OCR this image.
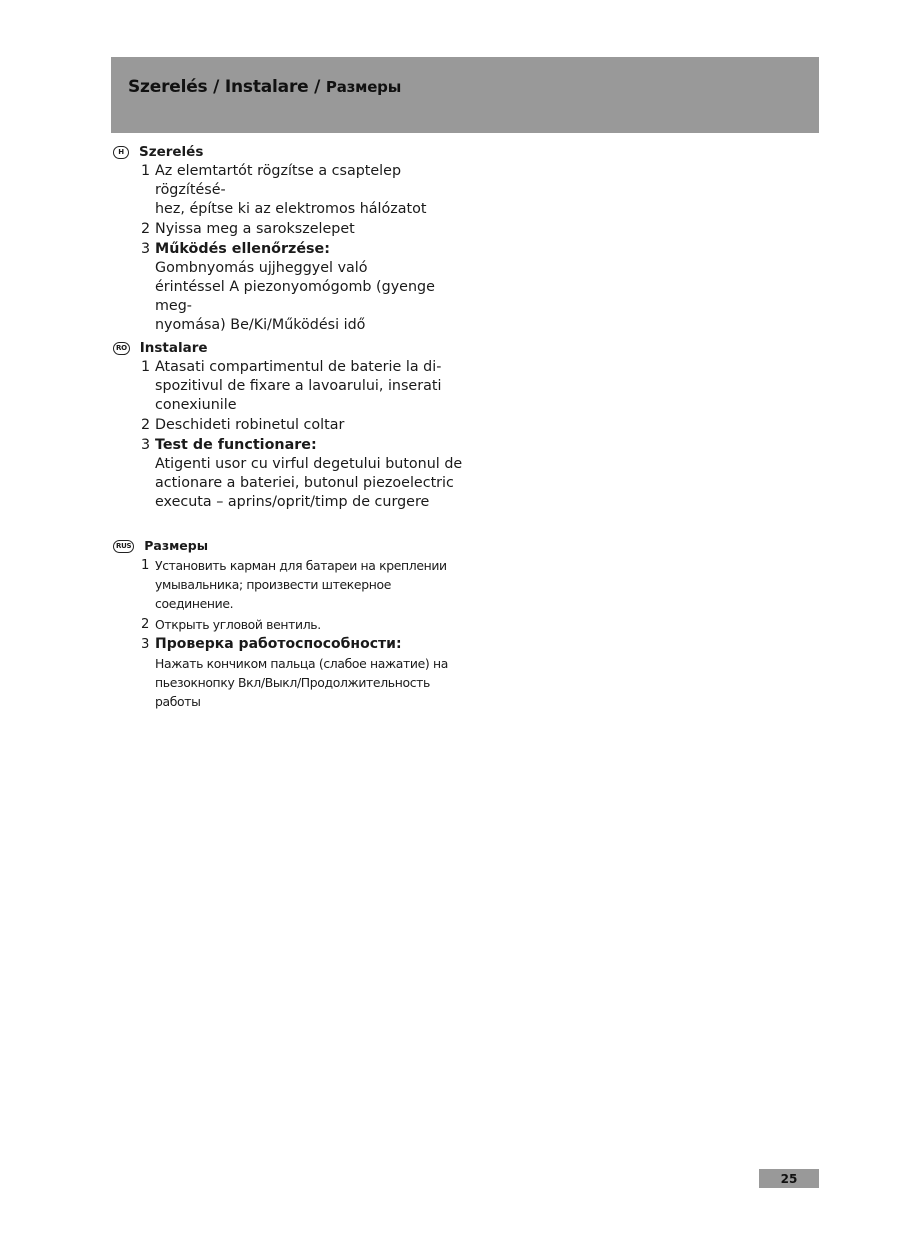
Szerelés / Instalare / Размеры
H	Szerelés
1 Az elemtartót rögzítse a csaptelep rögzítésé-
hez, építse ki az elektromos hálózatot
2 Nyissa meg a sarokszelepet
3 Működés ellenőrzése:
Gombnyomás ujjheggyel való
érintéssel A piezonyomógomb (gyenge meg-
nyomása) Be/Ki/Működési idő
RO Instalare
1 Atasati compartimentul de baterie la di-
spozitivul de fixare a lavoarului, inserati
conexiunile
2 Deschideti robinetul coltar
3 Test de functionare:
Atigenti usor cu virful degetului butonul de
actionare a bateriei, butonul piezoelectric
executa – aprins/oprit/timp de curgere
RUS Размеры
1 Установить карман для батареи на креплении
умывальника; произвести штекерное соединение.
2 Открыть угловой вентиль.
3 Проверка работоспособности:
Нажать кончиком пальца (слабое нажатие) на
пьезокнопку Вкл/Выкл/Продолжительность
работы
25
